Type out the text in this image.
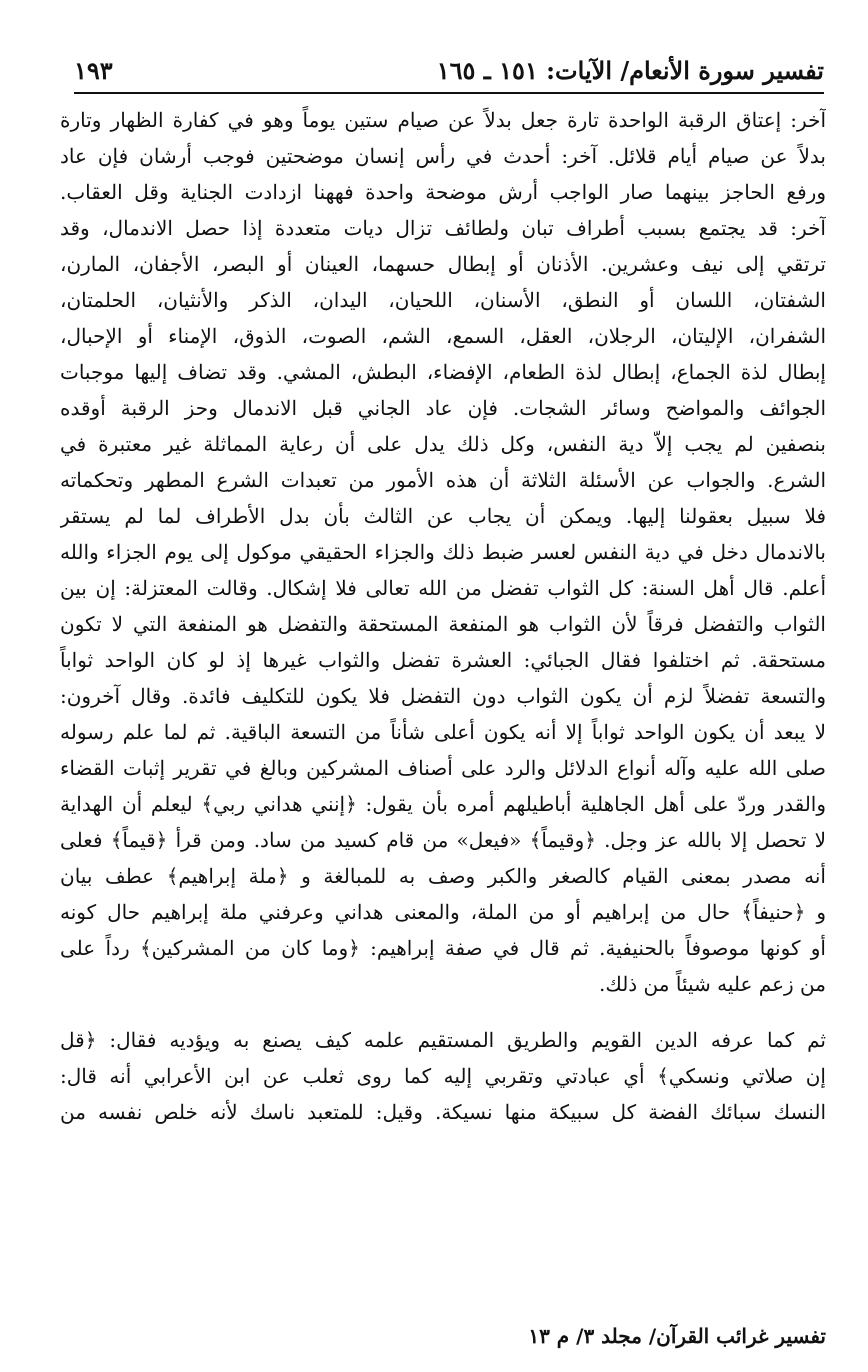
تفسير سورة الأنعام/ الآيات: ١٥١ ـ ١٦٥
١٩٣
آخر: إعتاق الرقبة الواحدة تارة جعل بدلاً عن صيام ستين يوماً وهو في كفارة الظهار وتارة
بدلاً عن صيام أيام قلائل. آخر: أحدث في رأس إنسان موضحتين فوجب أرشان فإن عاد
ورفع الحاجز بينهما صار الواجب أرش موضحة واحدة فههنا ازدادت الجناية وقل العقاب.
آخر: قد يجتمع بسبب أطراف تبان ولطائف تزال ديات متعددة إذا حصل الاندمال، وقد
ترتقي إلى نيف وعشرين. الأذنان أو إبطال حسهما، العينان أو البصر، الأجفان، المارن،
الشفتان، اللسان أو النطق، الأسنان، اللحيان، اليدان، الذكر والأنثيان، الحلمتان،
الشفران، الإليتان، الرجلان، العقل، السمع، الشم، الصوت، الذوق، الإمناء أو الإحبال،
إبطال لذة الجماع، إبطال لذة الطعام، الإفضاء، البطش، المشي. وقد تضاف إليها موجبات
الجوائف والمواضح وسائر الشجات. فإن عاد الجاني قبل الاندمال وحز الرقبة أوقده
بنصفين لم يجب إلاّ دية النفس، وكل ذلك يدل على أن رعاية المماثلة غير معتبرة في
الشرع. والجواب عن الأسئلة الثلاثة أن هذه الأمور من تعبدات الشرع المطهر وتحكماته
فلا سبيل بعقولنا إليها. ويمكن أن يجاب عن الثالث بأن بدل الأطراف لما لم يستقر
بالاندمال دخل في دية النفس لعسر ضبط ذلك والجزاء الحقيقي موكول إلى يوم الجزاء والله
أعلم. قال أهل السنة: كل الثواب تفضل من الله تعالى فلا إشكال. وقالت المعتزلة: إن بين
الثواب والتفضل فرقاً لأن الثواب هو المنفعة المستحقة والتفضل هو المنفعة التي لا تكون
مستحقة. ثم اختلفوا فقال الجبائي: العشرة تفضل والثواب غيرها إذ لو كان الواحد ثواباً
والتسعة تفضلاً لزم أن يكون الثواب دون التفضل فلا يكون للتكليف فائدة. وقال آخرون:
لا يبعد أن يكون الواحد ثواباً إلا أنه يكون أعلى شأناً من التسعة الباقية. ثم لما علم رسوله
صلى الله عليه وآله أنواع الدلائل والرد على أصناف المشركين وبالغ في تقرير إثبات القضاء
والقدر وردّ على أهل الجاهلية أباطيلهم أمره بأن يقول: ﴿إنني هداني ربي﴾ ليعلم أن الهداية
لا تحصل إلا بالله عز وجل. ﴿وقيماً﴾ «فيعل» من قام كسيد من ساد. ومن قرأ ﴿قيماً﴾ فعلى
أنه مصدر بمعنى القيام كالصغر والكبر وصف به للمبالغة و ﴿ملة إبراهيم﴾ عطف بيان
و ﴿حنيفاً﴾ حال من إبراهيم أو من الملة، والمعنى هداني وعرفني ملة إبراهيم حال كونه
أو كونها موصوفاً بالحنيفية. ثم قال في صفة إبراهيم: ﴿وما كان من المشركين﴾ رداً على
من زعم عليه شيئاً من ذلك.
ثم كما عرفه الدين القويم والطريق المستقيم علمه كيف يصنع به ويؤديه فقال: ﴿قل
إن صلاتي ونسكي﴾ أي عبادتي وتقربي إليه كما روى ثعلب عن ابن الأعرابي أنه قال:
النسك سبائك الفضة كل سبيكة منها نسيكة. وقيل: للمتعبد ناسك لأنه خلص نفسه من
تفسير غرائب القرآن/ مجلد ٣/ م ١٣
